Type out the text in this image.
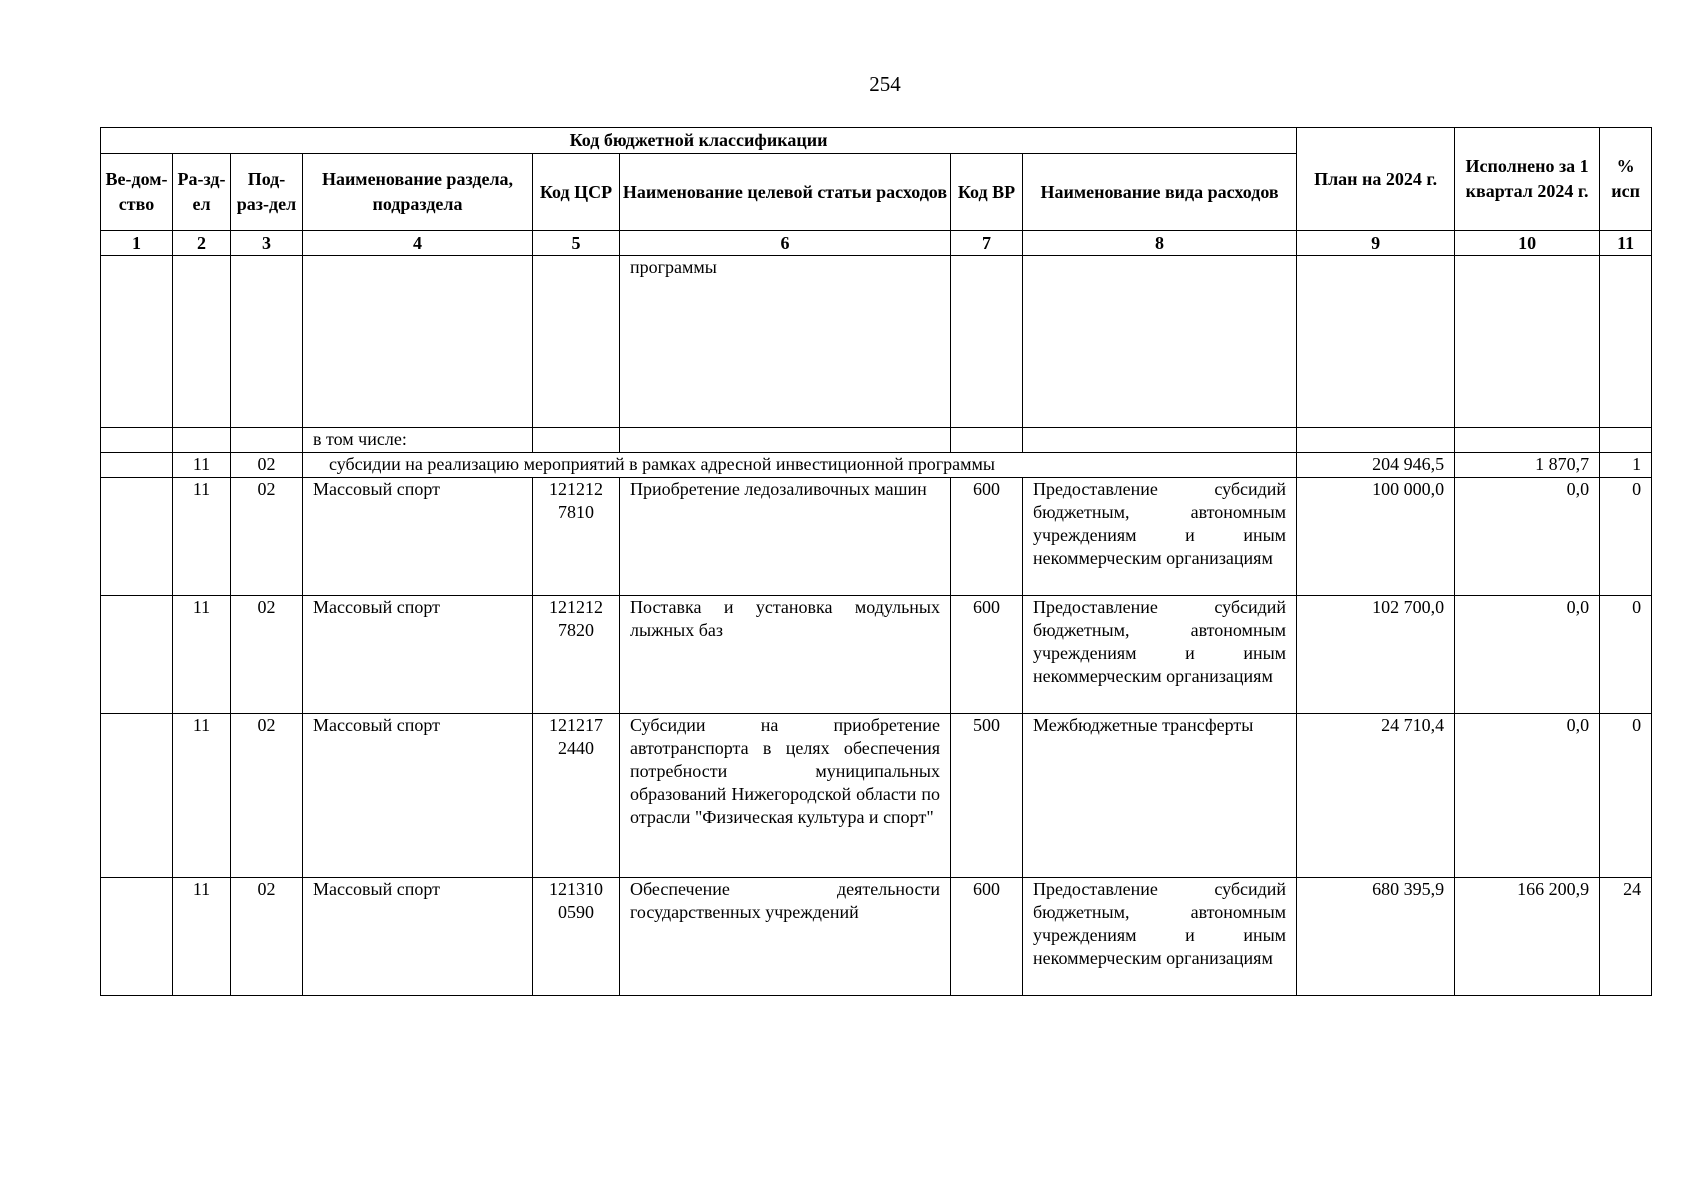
254
Код бюджетной классификации								План на 2024 г.	Исполнено за 1 квартал 2024 г.	% исп
Ве-дом-ство	Ра-зд-ел	Под-раз-дел	Наименование раздела, подраздела	Код ЦСР	Наименование целевой статьи расходов	Код ВР	Наименование вида расходов			
1	2	3	4	5	6	7	8	9	10	11
					программы					
			в том числе:							
	11	02	субсидии на реализацию мероприятий в рамках адресной инвестиционной программы					204 946,5	1 870,7	1
	11	02	Массовый спорт	121212 7810	Приобретение ледозаливочных машин	600	Предоставление субсидий бюджетным, автономным учреждениям и иным некоммерческим организациям	100 000,0	0,0	0
	11	02	Массовый спорт	121212 7820	Поставка и установка модульных лыжных баз	600	Предоставление субсидий бюджетным, автономным учреждениям и иным некоммерческим организациям	102 700,0	0,0	0
	11	02	Массовый спорт	121217 2440	Субсидии на приобретение автотранспорта в целях обеспечения потребности муниципальных образований Нижегородской области по отрасли "Физическая культура и спорт"	500	Межбюджетные трансферты	24 710,4	0,0	0
	11	02	Массовый спорт	121310 0590	Обеспечение деятельности государственных учреждений	600	Предоставление субсидий бюджетным, автономным учреждениям и иным некоммерческим организациям	680 395,9	166 200,9	24
